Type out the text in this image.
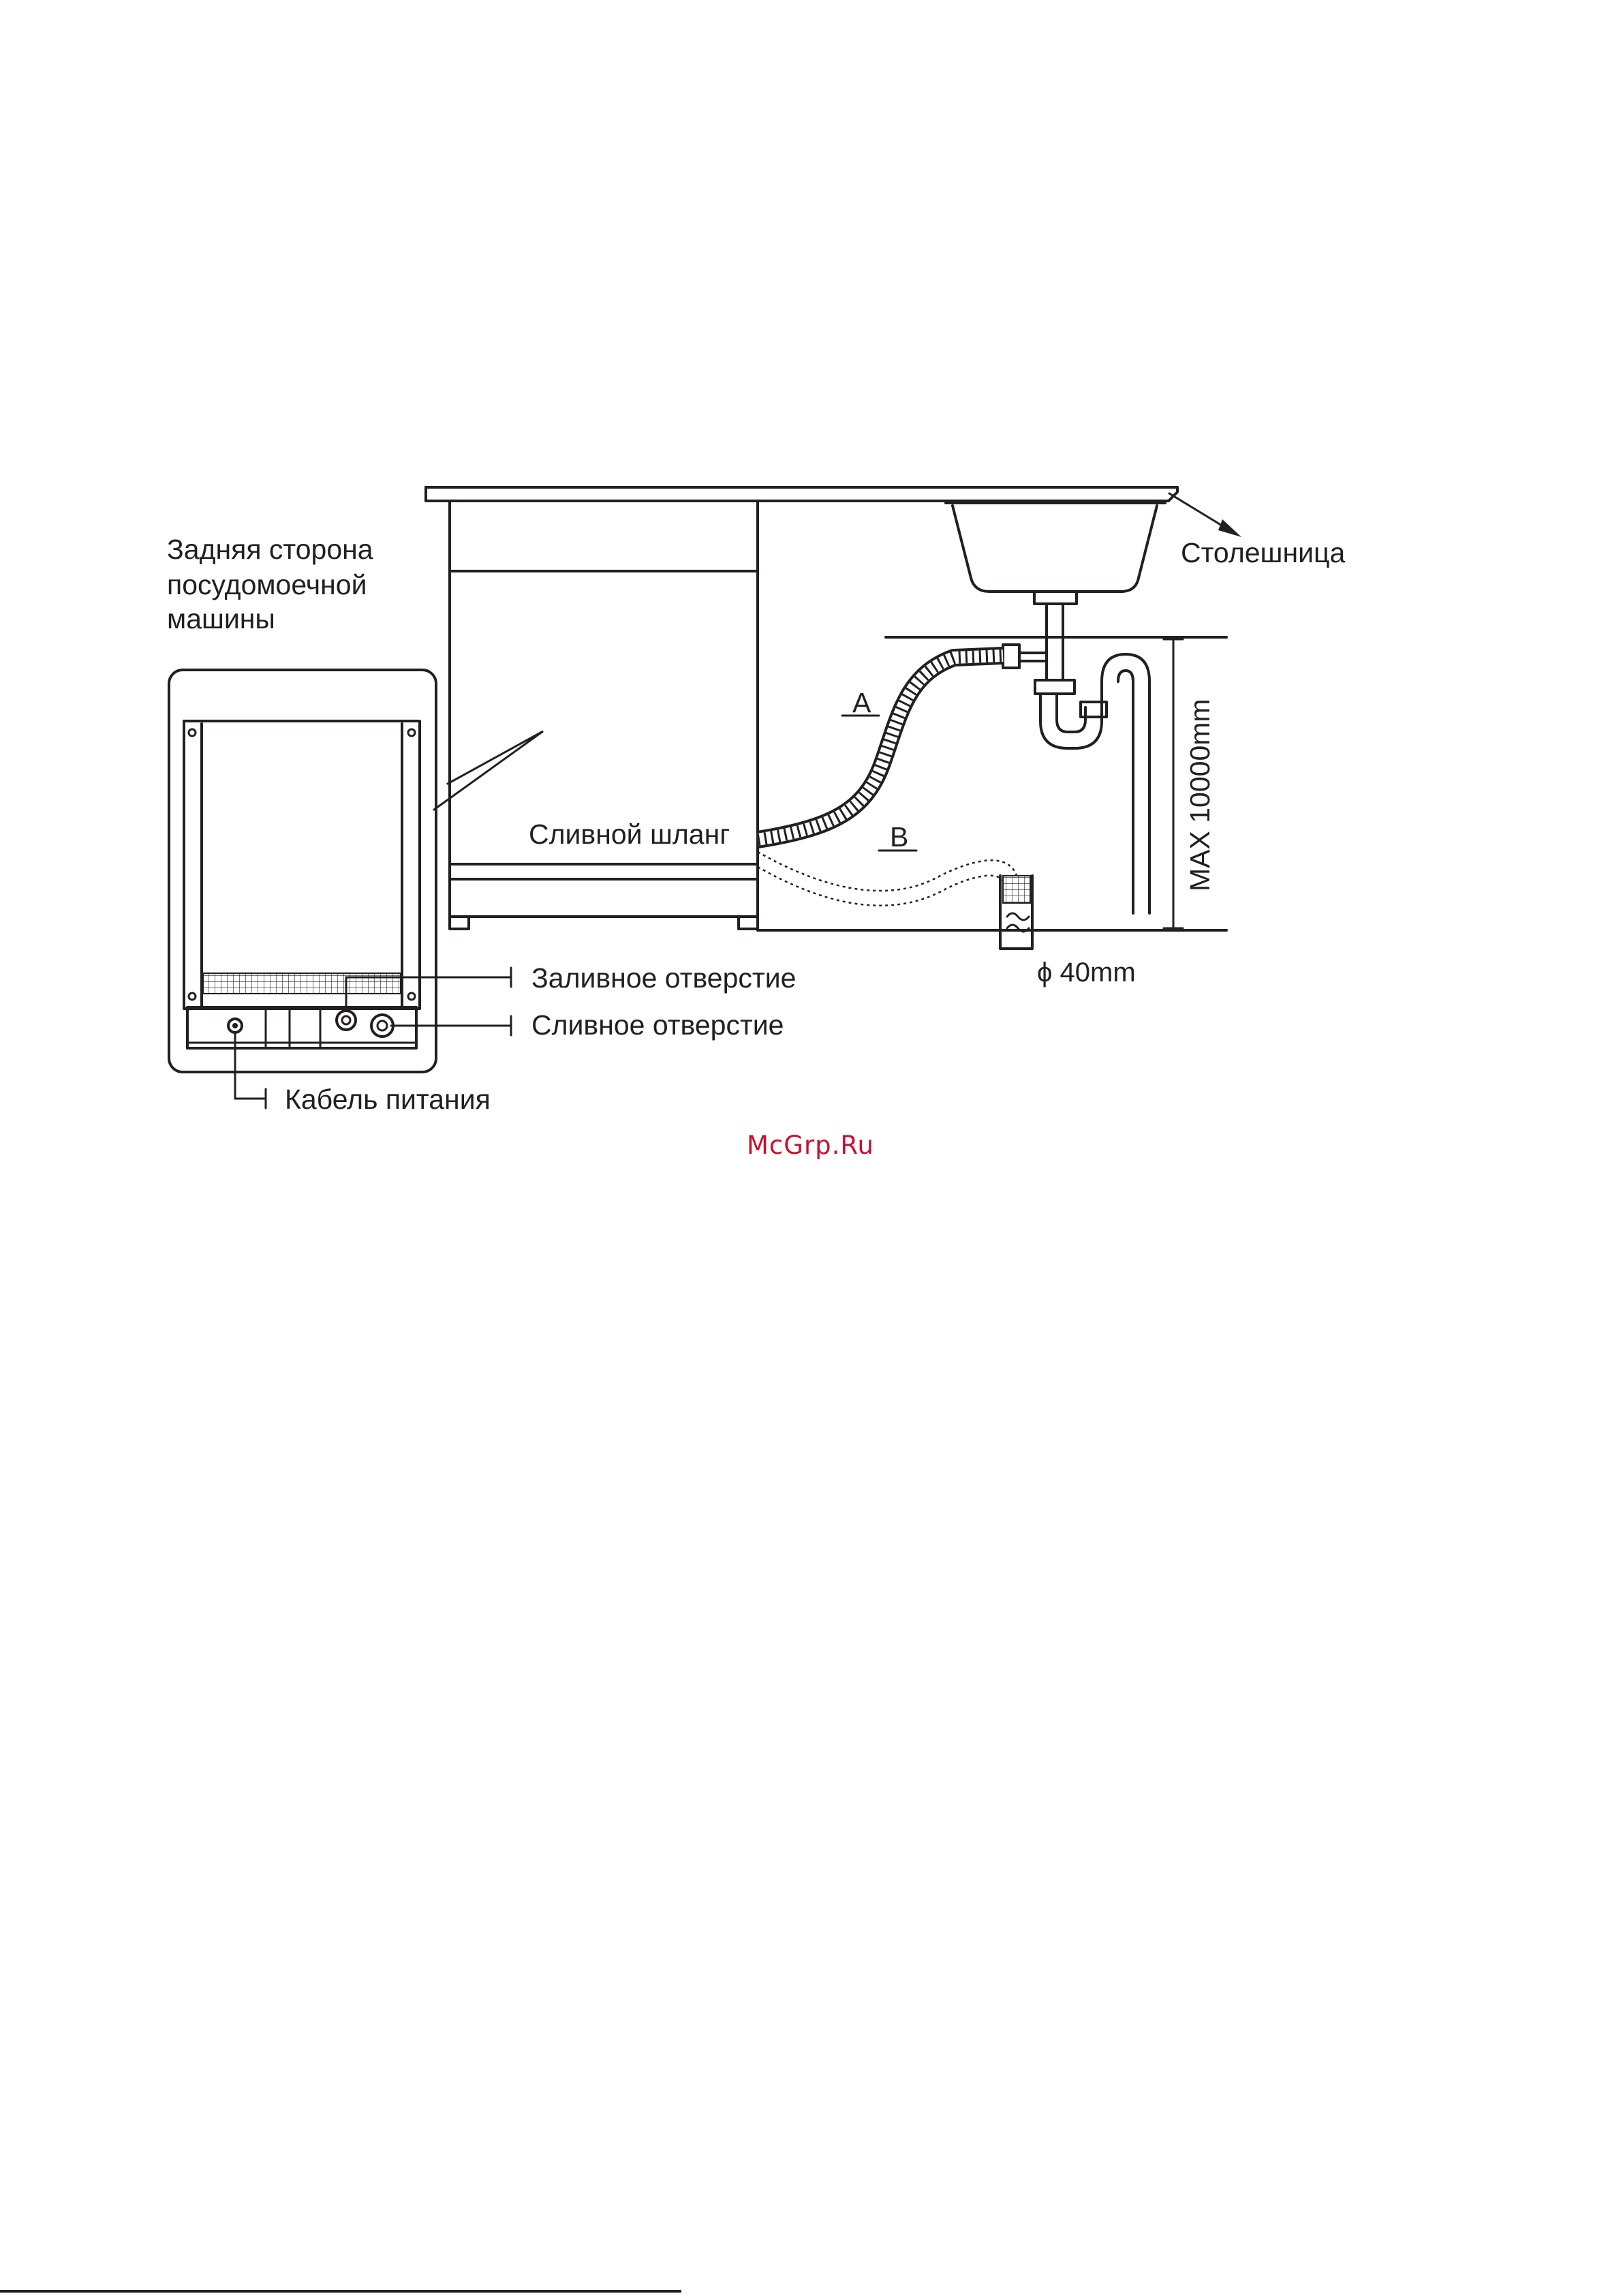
MAX 10000mm
ϕ 40mm
A
B
Задняя сторона
посудомоечной
машины
Столешница
Сливной шланг
Заливное отверстие
Сливное отверстие
Кабель питания
McGrp.Ru
